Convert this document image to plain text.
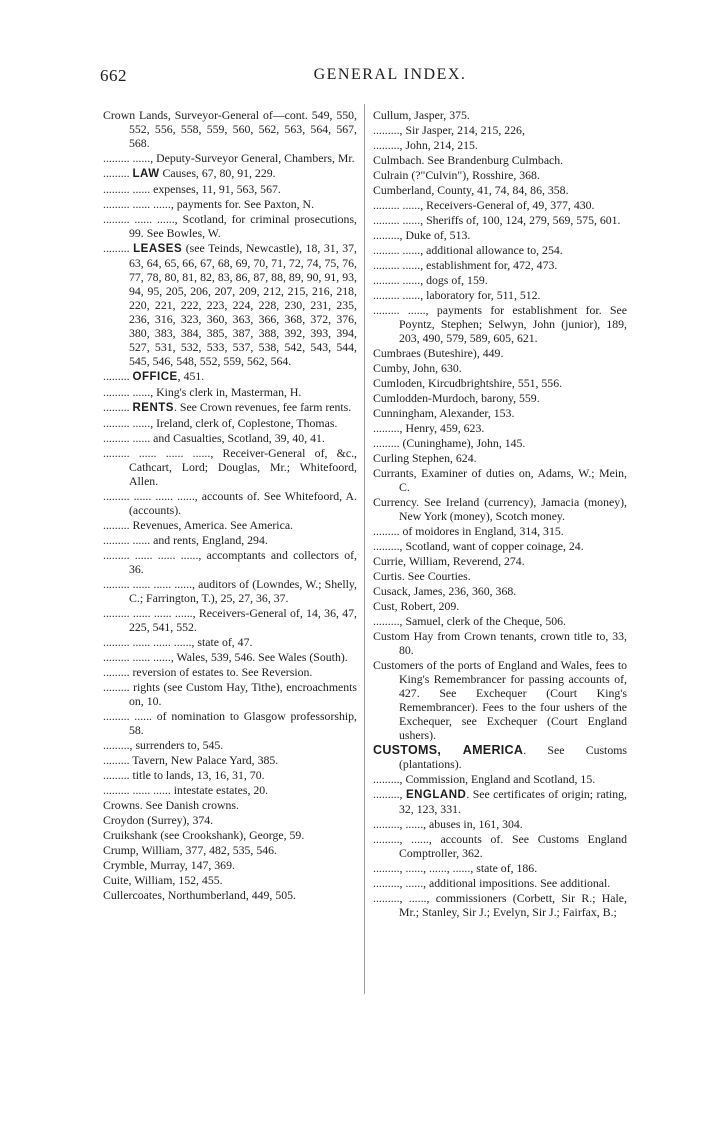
662	GENERAL INDEX.

Crown Lands, Surveyor-General of—cont. 549, 550, 552, 556, 558, 559, 560, 562, 563, 564, 567, 568.

......... ......, Deputy-Surveyor General, Chambers, Mr.

......... LAW Causes, 67, 80, 91, 229.

......... ...... expenses, 11, 91, 563, 567.

......... ...... ......, payments for. See Paxton, N.

......... ...... ......, Scotland, for criminal prosecutions, 99. See Bowles, W.

......... LEASES (see Teinds, Newcastle), 18, 31, 37, 63, 64, 65, 66, 67, 68, 69, 70, 71, 72, 74, 75, 76, 77, 78, 80, 81, 82, 83, 86, 87, 88, 89, 90, 91, 93, 94, 95, 205, 206, 207, 209, 212, 215, 216, 218, 220, 221, 222, 223, 224, 228, 230, 231, 235, 236, 316, 323, 360, 363, 366, 368, 372, 376, 380, 383, 384, 385, 387, 388, 392, 393, 394, 527, 531, 532, 533, 537, 538, 542, 543, 544, 545, 546, 548, 552, 559, 562, 564.

......... OFFICE, 451.

......... ......, King's clerk in, Masterman, H.

......... RENTS. See Crown revenues, fee farm rents.

......... ......, Ireland, clerk of, Coplestone, Thomas.

......... ...... and Casualties, Scotland, 39, 40, 41.

......... ...... ...... ......, Receiver-General of, &c., Cathcart, Lord; Douglas, Mr.; Whitefoord, Allen.

......... ...... ...... ......, accounts of. See Whitefoord, A. (accounts).

......... Revenues, America. See America.

......... ...... and rents, England, 294.

......... ...... ...... ......, accomptants and collectors of, 36.

......... ...... ...... ......, auditors of (Lowndes, W.; Shelly, C.; Farrington, T.), 25, 27, 36, 37.

......... ...... ...... ......, Receivers-General of, 14, 36, 47, 225, 541, 552.

......... ...... ...... ......, state of, 47.

......... ...... ......, Wales, 539, 546. See Wales (South).

......... reversion of estates to. See Reversion.

......... rights (see Custom Hay, Tithe), encroachments on, 10.

......... ...... of nomination to Glasgow professorship, 58.

........., surrenders to, 545.

......... Tavern, New Palace Yard, 385.

......... title to lands, 13, 16, 31, 70.

......... ...... ...... intestate estates, 20.

Crowns. See Danish crowns.

Croydon (Surrey), 374.

Cruikshank (see Crookshank), George, 59.

Crump, William, 377, 482, 535, 546.

Crymble, Murray, 147, 369.

Cuite, William, 152, 455.

Cullercoates, Northumberland, 449, 505.

Cullum, Jasper, 375.

........., Sir Jasper, 214, 215, 226,

........., John, 214, 215.

Culmbach. See Brandenburg Culmbach.

Culrain (?"Culvin"), Rosshire, 368.

Cumberland, County, 41, 74, 84, 86, 358.

......... ......, Receivers-General of, 49, 377, 430.

......... ......, Sheriffs of, 100, 124, 279, 569, 575, 601.

........., Duke of, 513.

......... ......, additional allowance to, 254.

......... ......, establishment for, 472, 473.

......... ......, dogs of, 159.

......... ......, laboratory for, 511, 512.

......... ......, payments for establishment for. See Poyntz, Stephen; Selwyn, John (junior), 189, 203, 490, 579, 589, 605, 621.

Cumbraes (Buteshire), 449.

Cumby, John, 630.

Cumloden, Kircudbrightshire, 551, 556.

Cumlodden-Murdoch, barony, 559.

Cunningham, Alexander, 153.

........., Henry, 459, 623.

......... (Cuninghame), John, 145.

Curling Stephen, 624.

Currants, Examiner of duties on, Adams, W.; Mein, C.

Currency. See Ireland (currency), Jamacia (money), New York (money), Scotch money.

......... of moidores in England, 314, 315.

........., Scotland, want of copper coinage, 24.

Currie, William, Reverend, 274.

Curtis. See Courties.

Cusack, James, 236, 360, 368.

Cust, Robert, 209.

........., Samuel, clerk of the Cheque, 506.

Custom Hay from Crown tenants, crown title to, 33, 80.

Customers of the ports of England and Wales, fees to King's Remembrancer for passing accounts of, 427. See Exchequer (Court King's Remembrancer). Fees to the four ushers of the Exchequer, see Exchequer (Court England ushers).

CUSTOMS, AMERICA. See Customs (plantations).

........., Commission, England and Scotland, 15.

........., ENGLAND. See certificates of origin; rating, 32, 123, 331.

........., ......, abuses in, 161, 304.

........., ......, accounts of. See Customs England Comptroller, 362.

........., ......, ......, ......, state of, 186.

........., ......, additional impositions. See additional.

........., ......, commissioners (Corbett, Sir R.; Hale, Mr.; Stanley, Sir J.; Evelyn, Sir J.; Fairfax, B.;
